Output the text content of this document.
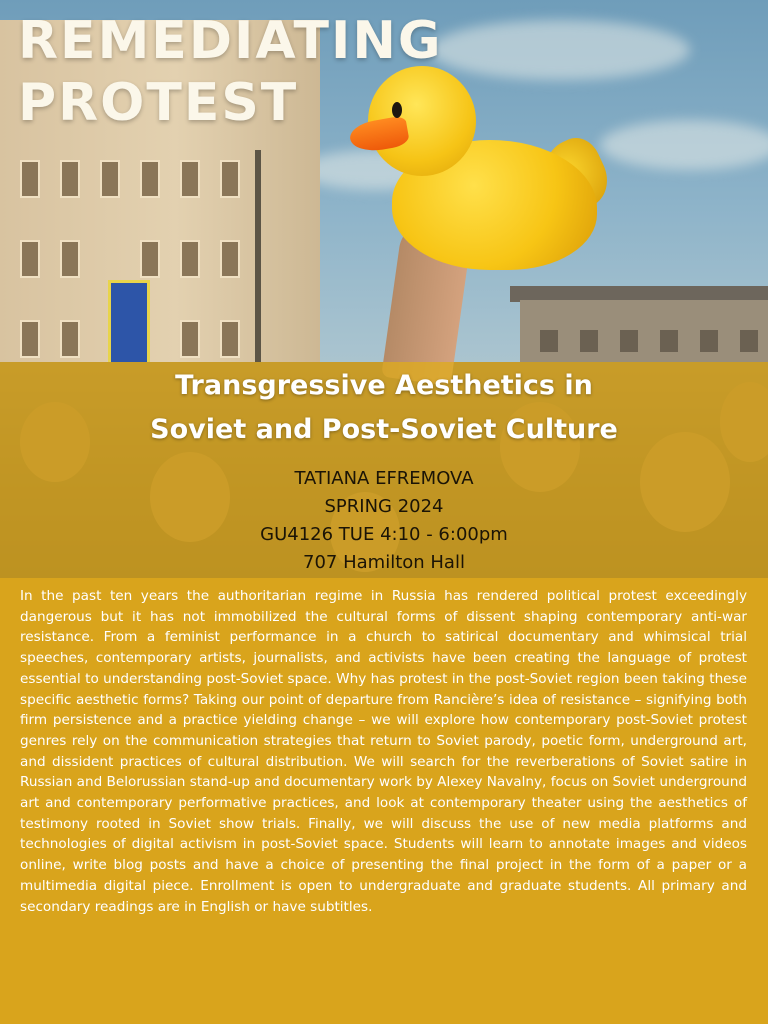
REMEDIATING
PROTEST
Transgressive Aesthetics in
Soviet and Post-Soviet Culture
TATIANA EFREMOVA
SPRING 2024
GU4126 TUE 4:10 - 6:00pm
707 Hamilton Hall

In the past ten years the authoritarian regime in Russia has rendered political protest exceedingly dangerous but it has not immobilized the cultural forms of dissent shaping contemporary anti-war resistance. From a feminist performance in a church to satirical documentary and whimsical trial speeches, contemporary artists, journalists, and activists have been creating the language of protest essential to understanding post-Soviet space. Why has protest in the post-Soviet region been taking these specific aesthetic forms? Taking our point of departure from Rancière’s idea of resistance – signifying both firm persistence and a practice yielding change – we will explore how contemporary post-Soviet protest genres rely on the communication strategies that return to Soviet parody, poetic form, underground art, and dissident practices of cultural distribution. We will search for the reverberations of Soviet satire in Russian and Belorussian stand-up and documentary work by Alexey Navalny, focus on Soviet underground art and contemporary performative practices, and look at contemporary theater using the aesthetics of testimony rooted in Soviet show trials. Finally, we will discuss the use of new media platforms and technologies of digital activism in post-Soviet space. Students will learn to annotate images and videos online, write blog posts and have a choice of presenting the final project in the form of a paper or a multimedia digital piece. Enrollment is open to undergraduate and graduate students. All primary and secondary readings are in English or have subtitles.
